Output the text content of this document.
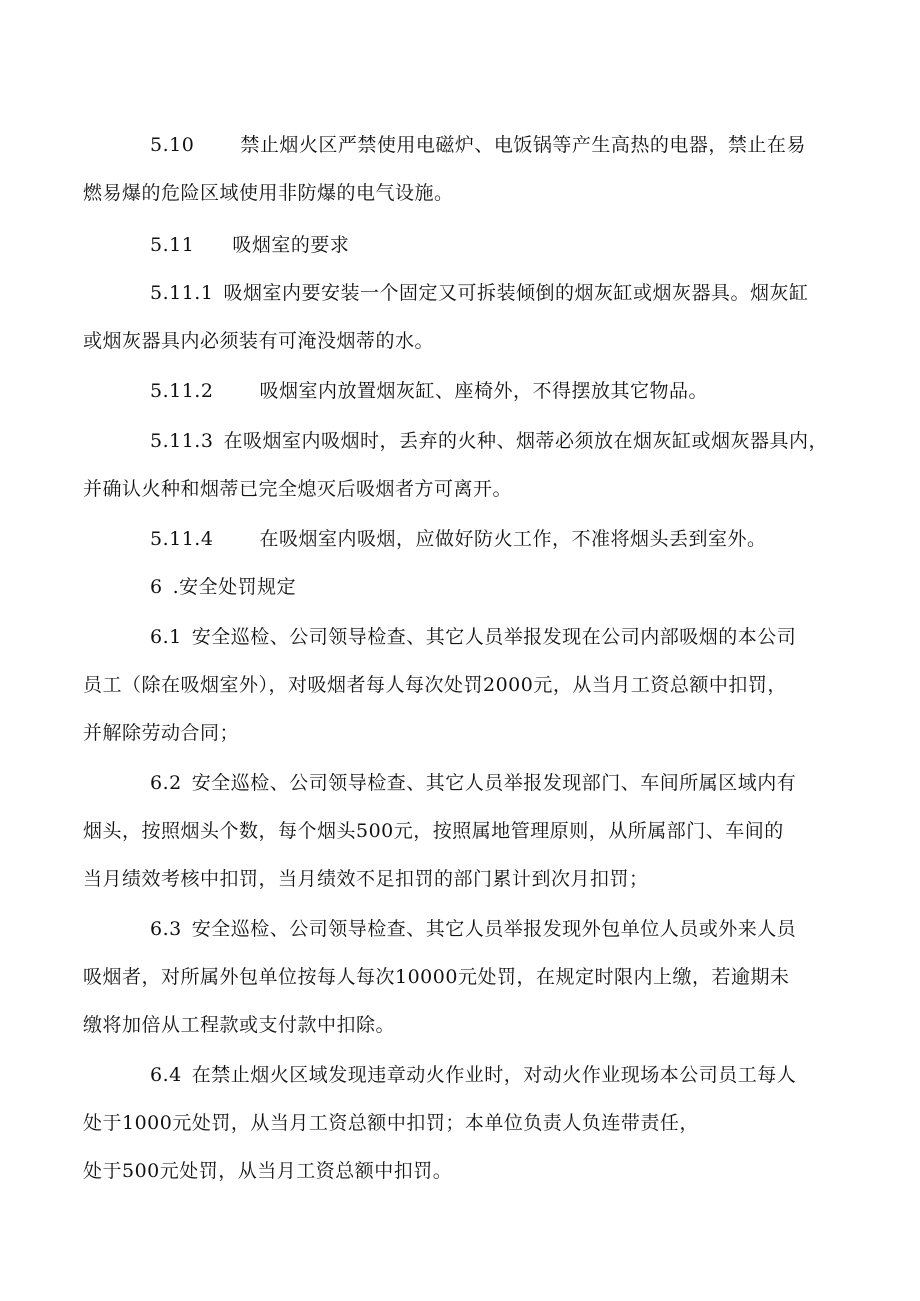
5.10 禁止烟火区严禁使用电磁炉、电饭锅等产生高热的电器，禁止在易
燃易爆的危险区域使用非防爆的电气设施。
5.11 吸烟室的要求
5.11.1 吸烟室内要安装一个固定又可拆装倾倒的烟灰缸或烟灰器具。烟灰缸
或烟灰器具内必须装有可淹没烟蒂的水。
5.11.2 吸烟室内放置烟灰缸、座椅外，不得摆放其它物品。
5.11.3 在吸烟室内吸烟时，丢弃的火种、烟蒂必须放在烟灰缸或烟灰器具内，
并确认火种和烟蒂已完全熄灭后吸烟者方可离开。
5.11.4 在吸烟室内吸烟，应做好防火工作，不准将烟头丢到室外。
6 .安全处罚规定
6.1 安全巡检、公司领导检查、其它人员举报发现在公司内部吸烟的本公司
员工（除在吸烟室外），对吸烟者每人每次处罚2000元，从当月工资总额中扣罚，
并解除劳动合同；
6.2 安全巡检、公司领导检查、其它人员举报发现部门、车间所属区域内有
烟头，按照烟头个数，每个烟头500元，按照属地管理原则，从所属部门、车间的
当月绩效考核中扣罚，当月绩效不足扣罚的部门累计到次月扣罚；
6.3 安全巡检、公司领导检查、其它人员举报发现外包单位人员或外来人员
吸烟者，对所属外包单位按每人每次10000元处罚，在规定时限内上缴，若逾期未
缴将加倍从工程款或支付款中扣除。
6.4 在禁止烟火区域发现违章动火作业时，对动火作业现场本公司员工每人
处于1000元处罚，从当月工资总额中扣罚；本单位负责人负连带责任，
处于500元处罚，从当月工资总额中扣罚。
